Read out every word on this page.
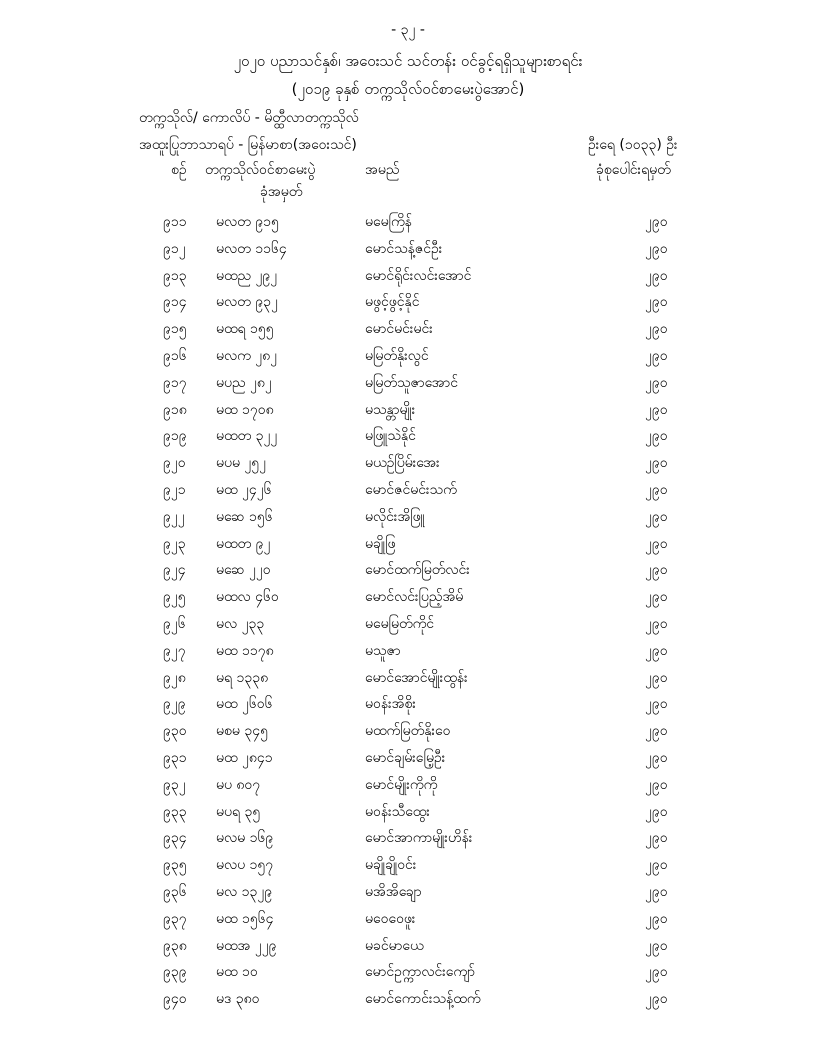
- ၃၂ -
၂၀၂၀ ပညာသင်နှစ်၊ အဝေးသင် သင်တန်း ဝင်ခွင့်ရရှိသူများစာရင်း
(၂၀၁၉ ခုနှစ် တက္ကသိုလ်ဝင်စာမေးပွဲအောင်)
တက္ကသိုလ်/ ကောလိပ် - မိတ္ထီလာတက္ကသိုလ်
အထူးပြုဘာသာရပ် - မြန်မာစာ(အဝေးသင်)	ဦးရေ (၁၀၃၃) ဦး
စဉ် တက္ကသိုလ်ဝင်စာမေးပွဲ
ခုံအမှတ်
အမည်	ခုံစုပေါင်းရမှတ်
၉၁၁ မလတ ၉၁၅	မမေကြိန်	၂၉၀
၉၁၂ မလတ ၁၁၆၄	မောင်သန့်ဇင်ဦး	၂၉၀
၉၁၃ မထည ၂၉၂	မောင်ရိုင်းလင်းအောင်	၂၉၀
၉၁၄ မလတ ၉၃၂	မဖွင့်ဖွင့်နိုင်	၂၉၀
၉၁၅ မထရ ၁၅၅	မောင်မင်းမင်း	၂၉၀
၉၁၆ မလက ၂၈၂	မမြတ်နိုးလွင်	၂၉၀
၉၁၇ မပည ၂၈၂	မမြတ်သူဇာအောင်	၂၉၀
၉၁၈ မထ ၁၇၀၈	မသန္တာမျိုး	၂၉၀
၉၁၉ မထတ ၃၂၂	မဖြူသဲနိုင်	၂၉၀
၉၂၀ မပမ ၂၅၂	မယဉ်ပြိမ်းအေး	၂၉၀
၉၂၁ မထ ၂၄၂၆	မောင်ဇင်မင်းသက်	၂၉၀
၉၂၂ မဆေ ၁၅၆	မလိုင်းအိဖြူ	၂၉၀
၉၂၃ မထတ ၉၂	မချိုဖြ	၂၉၀
၉၂၄ မဆေ ၂၂၀	မောင်ထက်မြတ်လင်း	၂၉၀
၉၂၅ မထလ ၄၆၀	မောင်လင်းပြည့်အိမ်	၂၉၀
၉၂၆ မလ ၂၃၃	မမေမြတ်ကိုင်	၂၉၀
၉၂၇ မထ ၁၁၇၈	မသူဇာ	၂၉၀
၉၂၈ မရ ၁၃၃၈	မောင်အောင်မျိုးထွန်း	၂၉၀
၉၂၉ မထ ၂၆၀၆	မဝန်းအိစိုး	၂၉၀
၉၃၀ မစမ ၃၄၅	မထက်မြတ်နိုးဝေ	၂၉၀
၉၃၁ မထ ၂၈၄၁	မောင်ချမ်းမြေ့ဦး	၂၉၀
၉၃၂ မပ ၈၀၇	မောင်မျိုးကိုကို	၂၉၀
၉၃၃ မပရ ၃၅	မဝန်းသီထွေး	၂၉၀
၉၃၄ မလမ ၁၆၉	မောင်အာကာမျိုးဟိန်း	၂၉၀
၉၃၅ မလပ ၁၅၇	မချိုချိုဝင်း	၂၉၀
၉၃၆ မလ ၁၃၂၉	မအိအိချော	၂၉၀
၉၃၇ မထ ၁၅၆၄	မဝေဝေဖူး	၂၉၀
၉၃၈ မထအ ၂၂၉	မခင်မာယေ	၂၉၀
၉၃၉ မထ ၁၀	မောင်ဥက္ကာလင်းကျော်	၂၉၀
၉၄၀ မဒ ၃၈၀	မောင်ကောင်းသန့်ထက်	၂၉၀
